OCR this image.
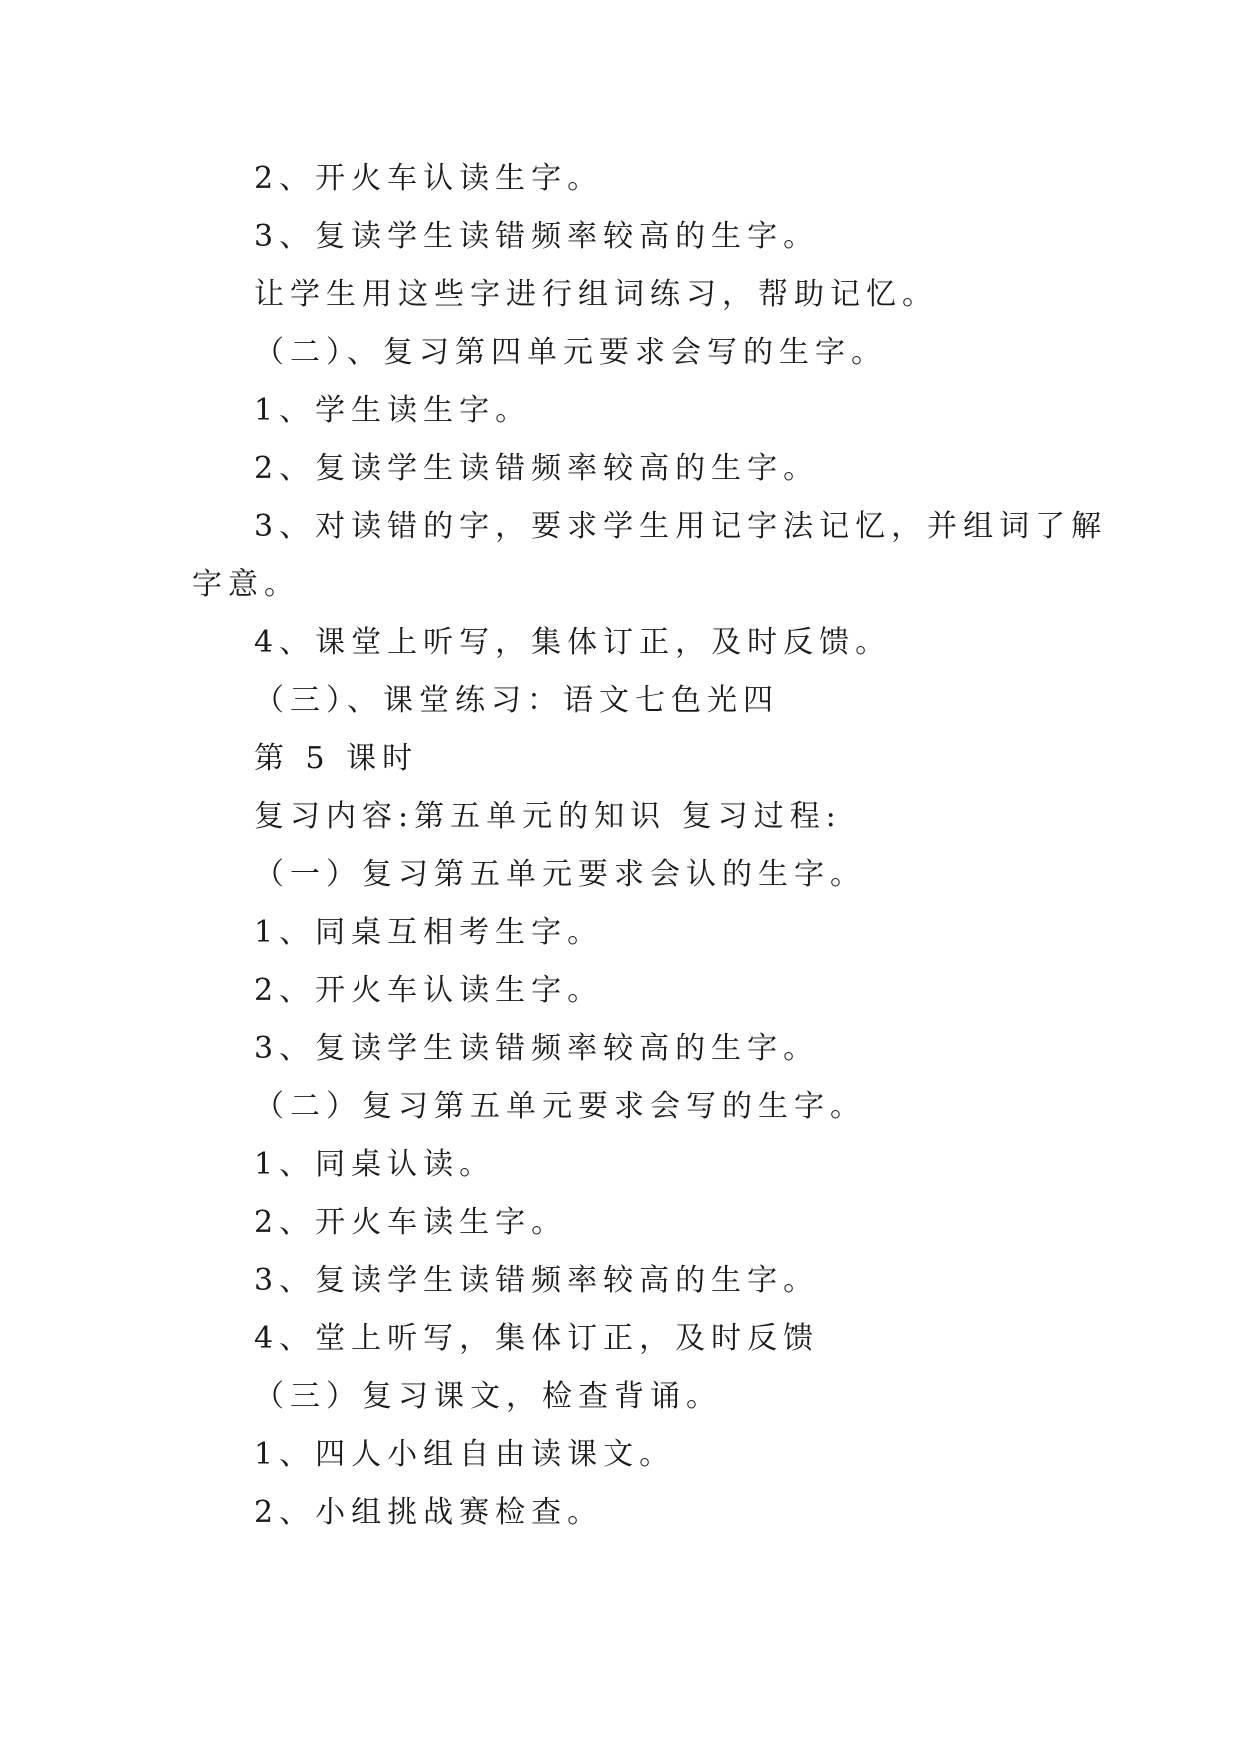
2、开火车认读生字。
3、复读学生读错频率较高的生字。
让学生用这些字进行组词练习，帮助记忆。
（二）、复习第四单元要求会写的生字。
1、学生读生字。
2、复读学生读错频率较高的生字。
3、对读错的字，要求学生用记字法记忆，并组词了解
字意。
4、课堂上听写，集体订正，及时反馈。
（三）、课堂练习：语文七色光四
第 5 课时
复习内容:第五单元的知识 复习过程:
（一）复习第五单元要求会认的生字。
1、同桌互相考生字。
2、开火车认读生字。
3、复读学生读错频率较高的生字。
（二）复习第五单元要求会写的生字。
1、同桌认读。
2、开火车读生字。
3、复读学生读错频率较高的生字。
4、堂上听写，集体订正，及时反馈
（三）复习课文，检查背诵。
1、四人小组自由读课文。
2、小组挑战赛检查。
